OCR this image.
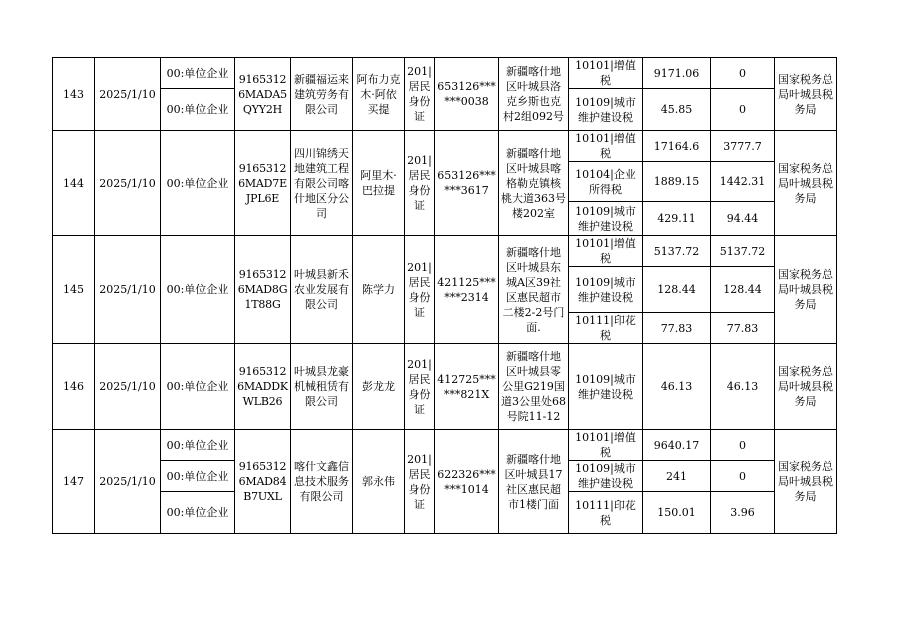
143	2025/1/10	00:单位企业	91653126MADA5QYY2H	新疆福运来建筑劳务有限公司	阿布力克木·阿依买提	201|居民身份证	653126******0038	新疆喀什地区叶城县洛克乡斯也克村2组092号	10101|增值税	9171.06	0	国家税务总局叶城县税务局
		00:单位企业							10109|城市维护建设税	45.85	0	
144	2025/1/10	00:单位企业	91653126MAD7EJPL6E	四川锦绣天地建筑工程有限公司喀什地区分公司	阿里木·巴拉提	201|居民身份证	653126******3617	新疆喀什地区叶城县喀格勒克镇核桃大道363号楼202室	10101|增值税	17164.6	3777.7	国家税务总局叶城县税务局
									10104|企业所得税	1889.15	1442.31	
									10109|城市维护建设税	429.11	94.44	
145	2025/1/10	00:单位企业	91653126MAD8G1T88G	叶城县新禾农业发展有限公司	陈学力	201|居民身份证	421125******2314	新疆喀什地区叶城县东城A区39社区惠民超市二楼2-2号门面.	10101|增值税	5137.72	5137.72	国家税务总局叶城县税务局
									10109|城市维护建设税	128.44	128.44	
									10111|印花税	77.83	77.83	
146	2025/1/10	00:单位企业	91653126MADDKWLB26	叶城县龙豪机械租赁有限公司	彭龙龙	201|居民身份证	412725******821X	新疆喀什地区叶城县零公里G219国道3公里处68号院11-12	10109|城市维护建设税	46.13	46.13	国家税务总局叶城县税务局
147	2025/1/10	00:单位企业	91653126MAD84B7UXL	喀什文鑫信息技术服务有限公司	郭永伟	201|居民身份证	622326******1014	新疆喀什地区叶城县17社区惠民超市1楼门面	10101|增值税	9640.17	0	国家税务总局叶城县税务局
		00:单位企业							10109|城市维护建设税	241	0	
		00:单位企业							10111|印花税	150.01	3.96	
